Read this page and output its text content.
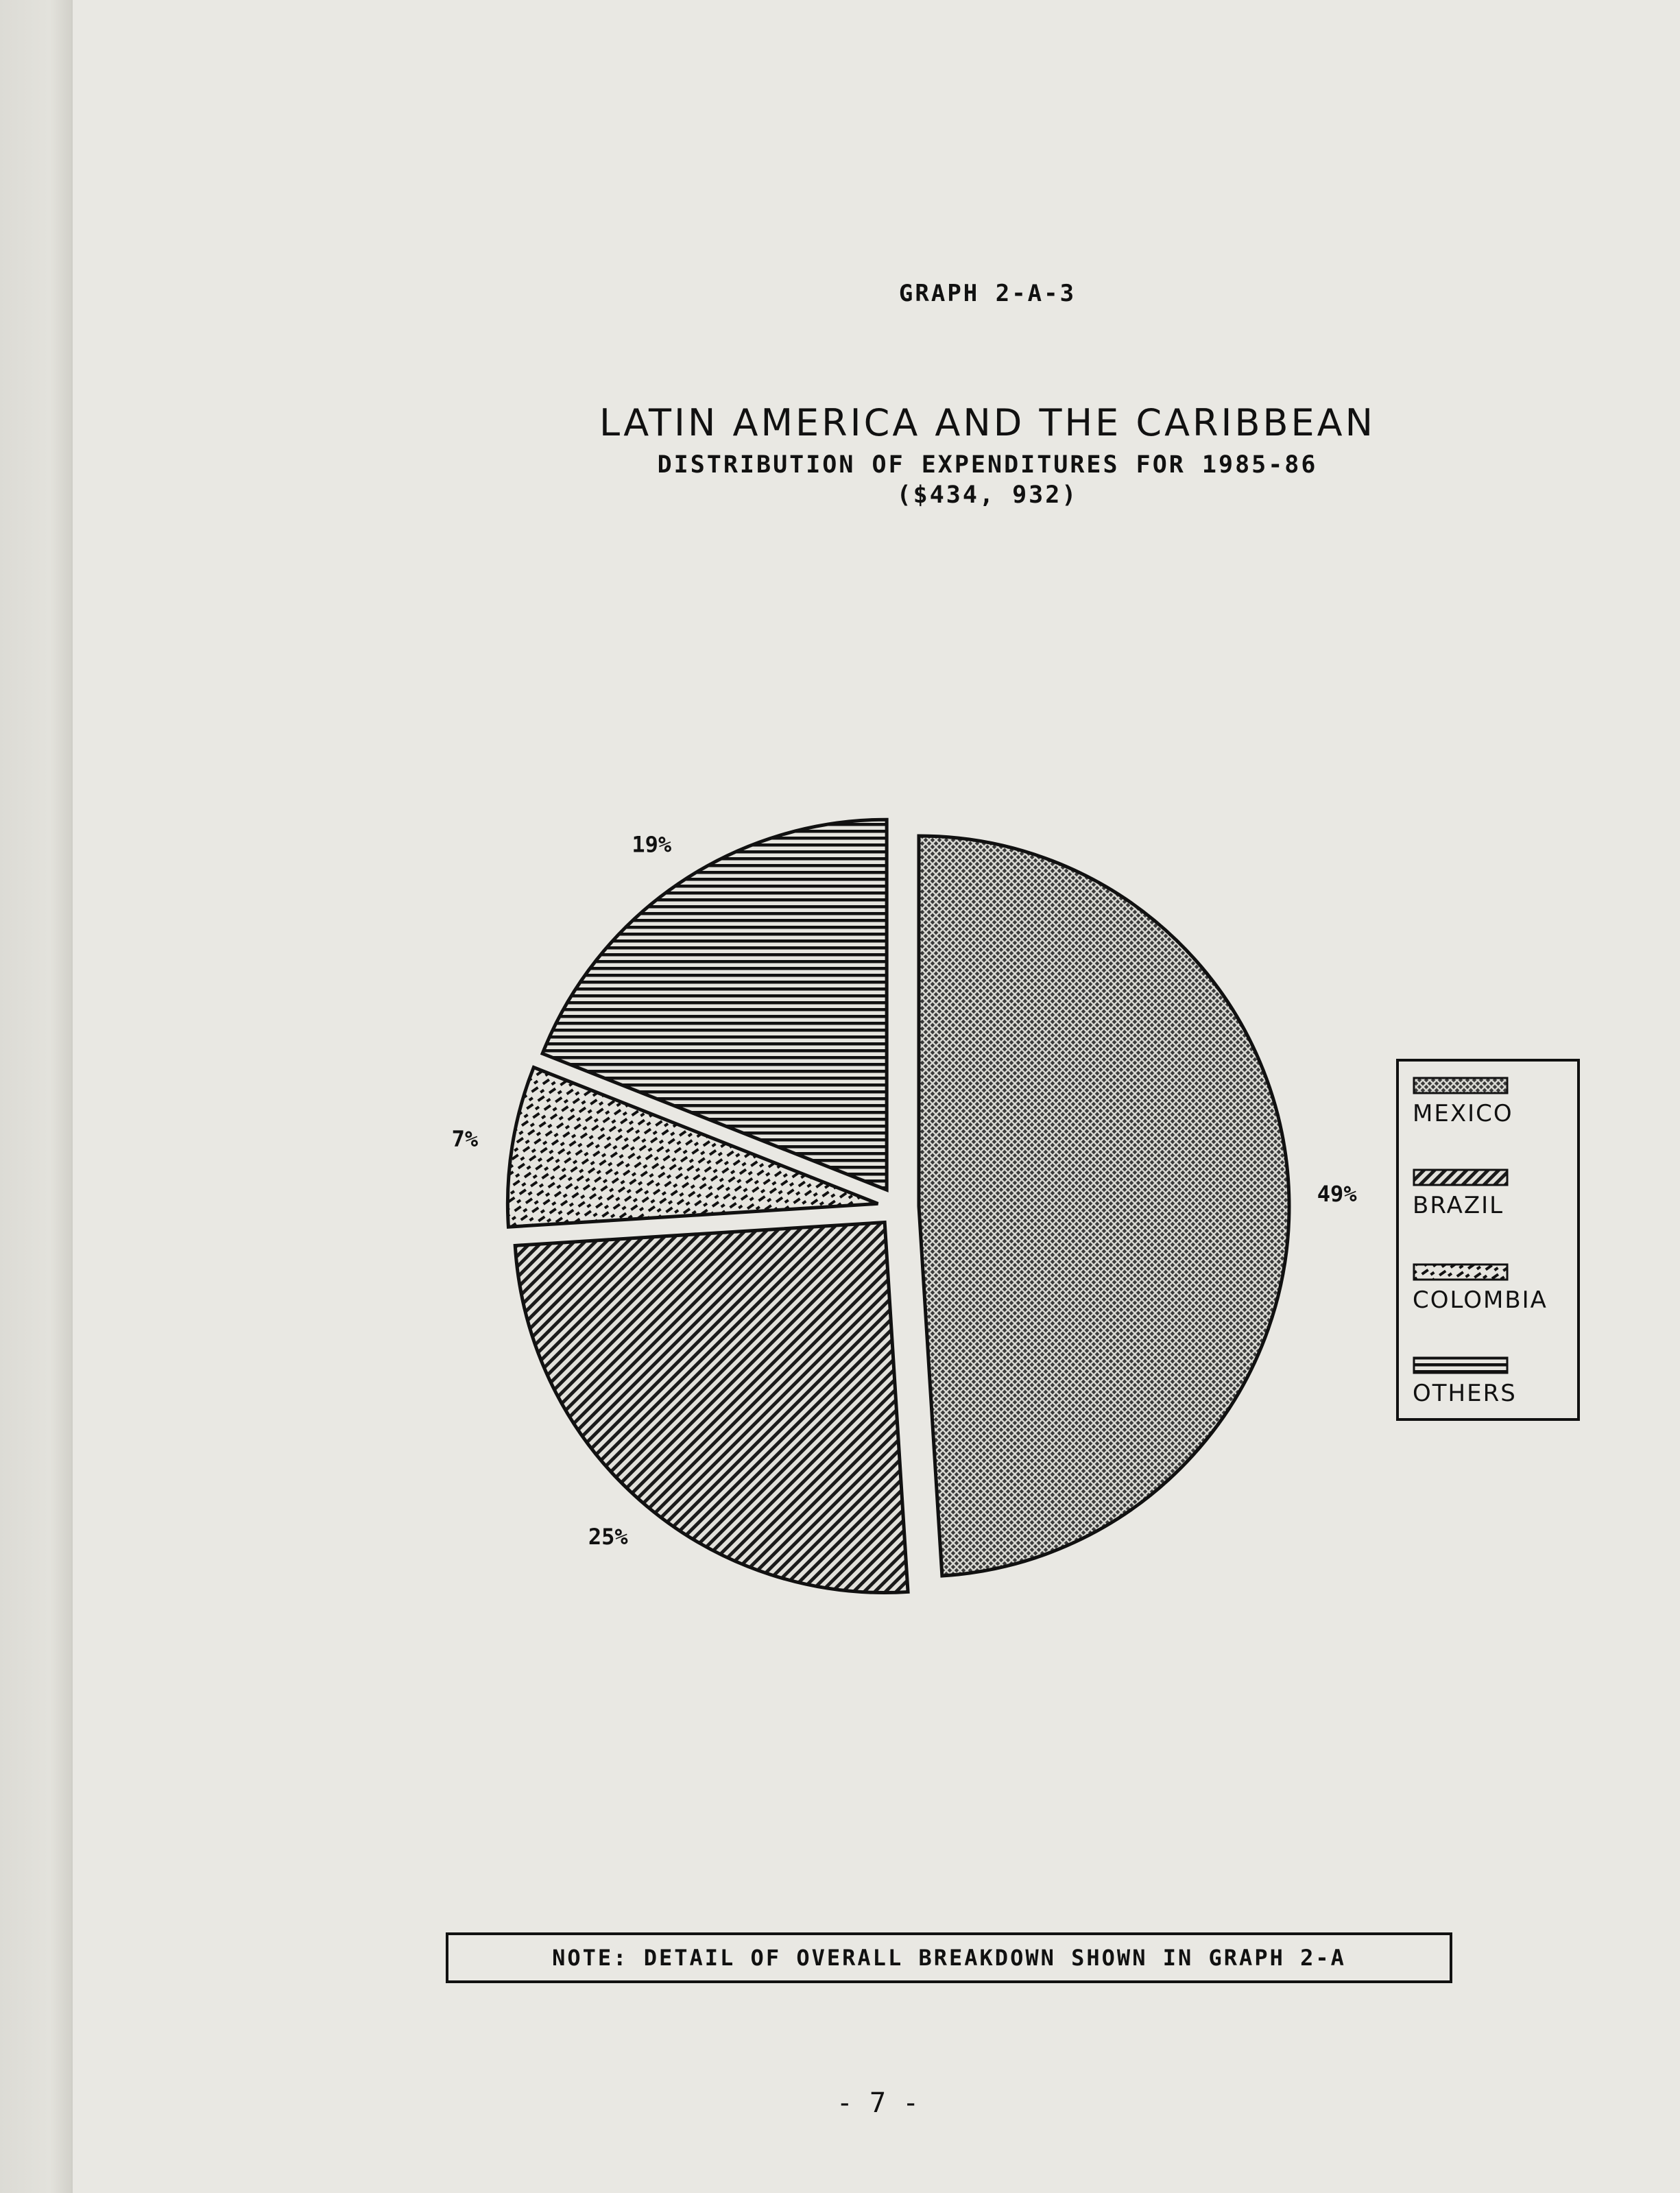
GRAPH 2-A-3
LATIN AMERICA AND THE CARIBBEAN
DISTRIBUTION OF EXPENDITURES FOR 1985-86
($434, 932)
49%
25%
7%
19%
MEXICO
BRAZIL
COLOMBIA
OTHERS
NOTE: DETAIL OF OVERALL BREAKDOWN SHOWN IN GRAPH 2-A
- 7 -
